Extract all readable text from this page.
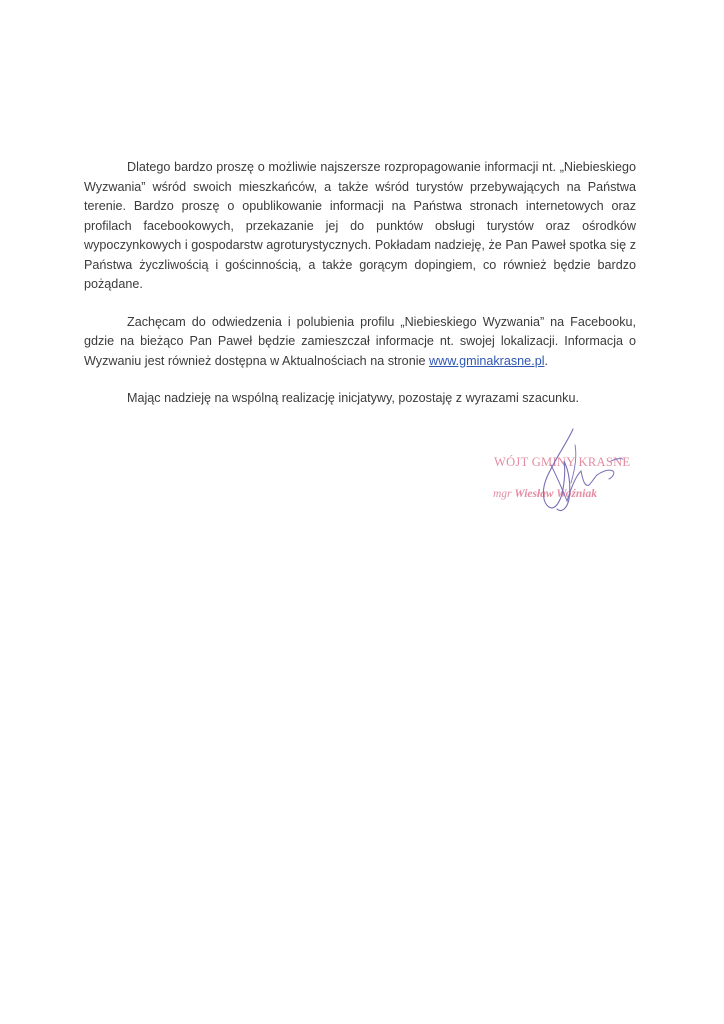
Dlatego bardzo proszę o możliwie najszersze rozpropagowanie informacji nt. „Niebieskiego Wyzwania” wśród swoich mieszkańców, a także wśród turystów przebywających na Państwa terenie. Bardzo proszę o opublikowanie informacji na Państwa stronach internetowych oraz profilach facebookowych, przekazanie jej do punktów obsługi turystów oraz ośrodków wypoczynkowych i gospodarstw agroturystycznych. Pokładam nadzieję, że Pan Paweł spotka się z Państwa życzliwością i gościnnością, a także gorącym dopingiem, co również będzie bardzo pożądane.

Zachęcam do odwiedzenia i polubienia profilu „Niebieskiego Wyzwania” na Facebooku, gdzie na bieżąco Pan Paweł będzie zamieszczał informacje nt. swojej lokalizacji. Informacja o Wyzwaniu jest również dostępna w Aktualnościach na stronie www.gminakrasne.pl.

Mając nadzieję na wspólną realizację inicjatywy, pozostaję z wyrazami szacunku.

WÓJT GMINY KRASNE
mgr Wiesław Woźniak
